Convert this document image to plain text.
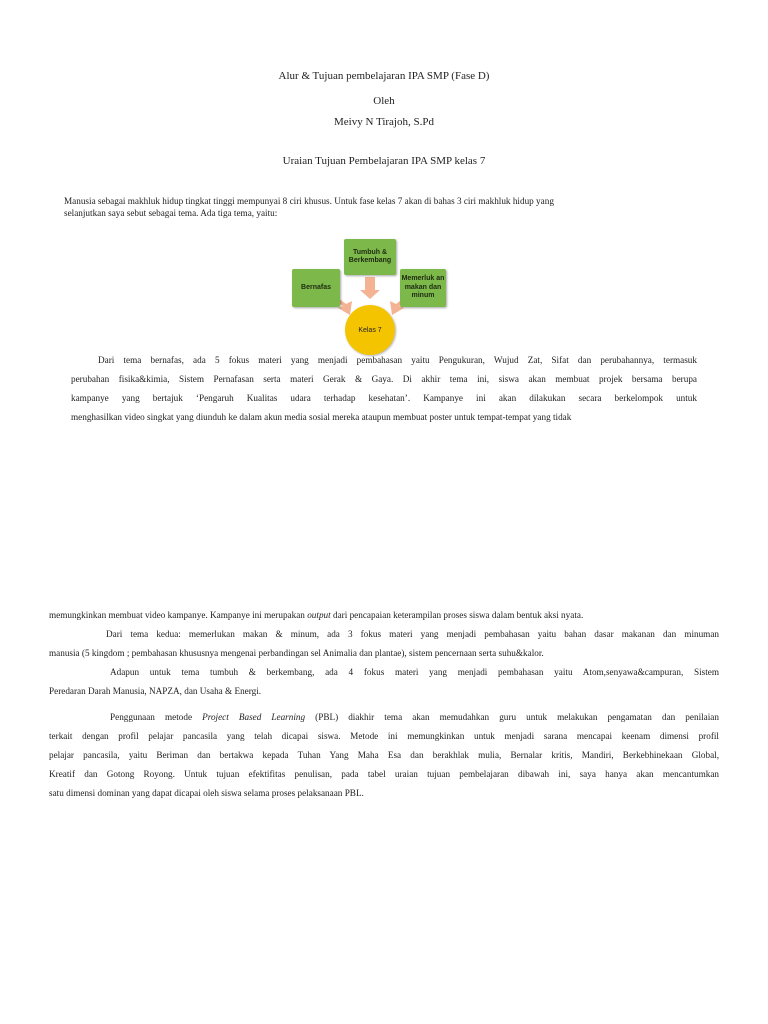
Alur & Tujuan pembelajaran IPA SMP (Fase D)
Oleh
Meivy N Tirajoh, S.Pd
Uraian Tujuan Pembelajaran IPA SMP kelas 7
Manusia sebagai makhluk hidup tingkat tinggi mempunyai 8 ciri khusus. Untuk fase kelas 7 akan di bahas 3 ciri makhluk hidup yang
selanjutkan saya sebut sebagai tema. Ada tiga tema, yaitu:
Tumbuh & Berkembang
Bernafas
Memerluk an makan dan minum
Kelas 7
Dari tema bernafas, ada 5 fokus materi yang menjadi pembahasan yaitu Pengukuran, Wujud Zat, Sifat dan perubahannya, termasuk
perubahan fisika&kimia, Sistem Pernafasan serta materi Gerak & Gaya. Di akhir tema ini, siswa akan membuat projek bersama berupa
kampanye yang bertajuk ‘Pengaruh Kualitas udara terhadap kesehatan’. Kampanye ini akan dilakukan secara berkelompok untuk
menghasilkan video singkat yang diunduh ke dalam akun media sosial mereka ataupun membuat poster untuk tempat-tempat yang tidak
memungkinkan membuat video kampanye. Kampanye ini merupakan output dari pencapaian keterampilan proses siswa dalam bentuk aksi nyata.
Dari tema kedua: memerlukan makan & minum, ada 3 fokus materi yang menjadi pembahasan yaitu bahan dasar makanan dan minuman
manusia (5 kingdom ; pembahasan khususnya mengenai perbandingan sel Animalia dan plantae), sistem pencernaan serta suhu&kalor.
Adapun untuk tema tumbuh & berkembang, ada 4 fokus materi yang menjadi pembahasan yaitu Atom,senyawa&campuran, Sistem
Peredaran Darah Manusia, NAPZA, dan Usaha & Energi.
Penggunaan metode Project Based Learning (PBL) diakhir tema akan memudahkan guru untuk melakukan pengamatan dan penilaian
terkait dengan profil pelajar pancasila yang telah dicapai siswa. Metode ini memungkinkan untuk menjadi sarana mencapai keenam dimensi profil
pelajar pancasila, yaitu Beriman dan bertakwa kepada Tuhan Yang Maha Esa dan berakhlak mulia, Bernalar kritis, Mandiri, Berkebhinekaan Global,
Kreatif dan Gotong Royong. Untuk tujuan efektifitas penulisan, pada tabel uraian tujuan pembelajaran dibawah ini, saya hanya akan mencantumkan
satu dimensi dominan yang dapat dicapai oleh siswa selama proses pelaksanaan PBL.
